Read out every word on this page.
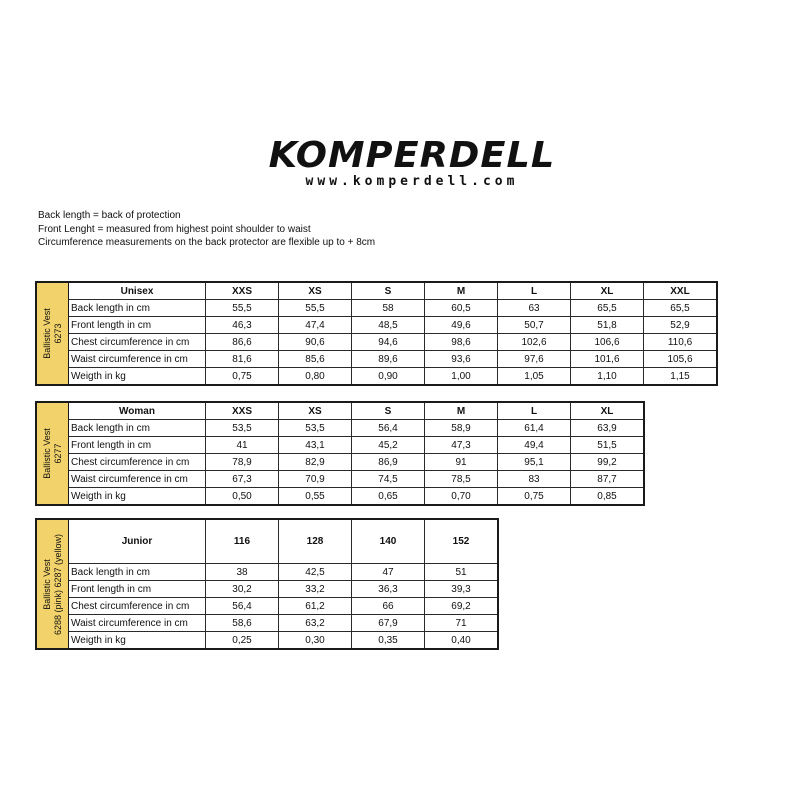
KOMPERDELL
www.komperdell.com
Back length = back of protection
Front Lenght = measured from highest point shoulder to waist
Circumference measurements on the back protector are flexible up to + 8cm
Ballistic Vest 6273
Unisex	XXS	XS	S	M	L	XL	XXL
Back length in cm	55,5	55,5	58	60,5	63	65,5	65,5
Front length in cm	46,3	47,4	48,5	49,6	50,7	51,8	52,9
Chest circumference in cm	86,6	90,6	94,6	98,6	102,6	106,6	110,6
Waist circumference in cm	81,6	85,6	89,6	93,6	97,6	101,6	105,6
Weigth in kg	0,75	0,80	0,90	1,00	1,05	1,10	1,15
Ballistic Vest 6277
Woman	XXS	XS	S	M	L	XL
Back length in cm	53,5	53,5	56,4	58,9	61,4	63,9
Front length in cm	41	43,1	45,2	47,3	49,4	51,5
Chest circumference in cm	78,9	82,9	86,9	91	95,1	99,2
Waist circumference in cm	67,3	70,9	74,5	78,5	83	87,7
Weigth in kg	0,50	0,55	0,65	0,70	0,75	0,85
Ballistic Vest 6288 (pink) 6287 (yellow)	Junior	116	128	140	152
Back length in cm	38	42,5	47	51
Front length in cm	30,2	33,2	36,3	39,3
Chest circumference in cm	56,4	61,2	66	69,2
Waist circumference in cm	58,6	63,2	67,9	71
Weigth in kg	0,25	0,30	0,35	0,40
